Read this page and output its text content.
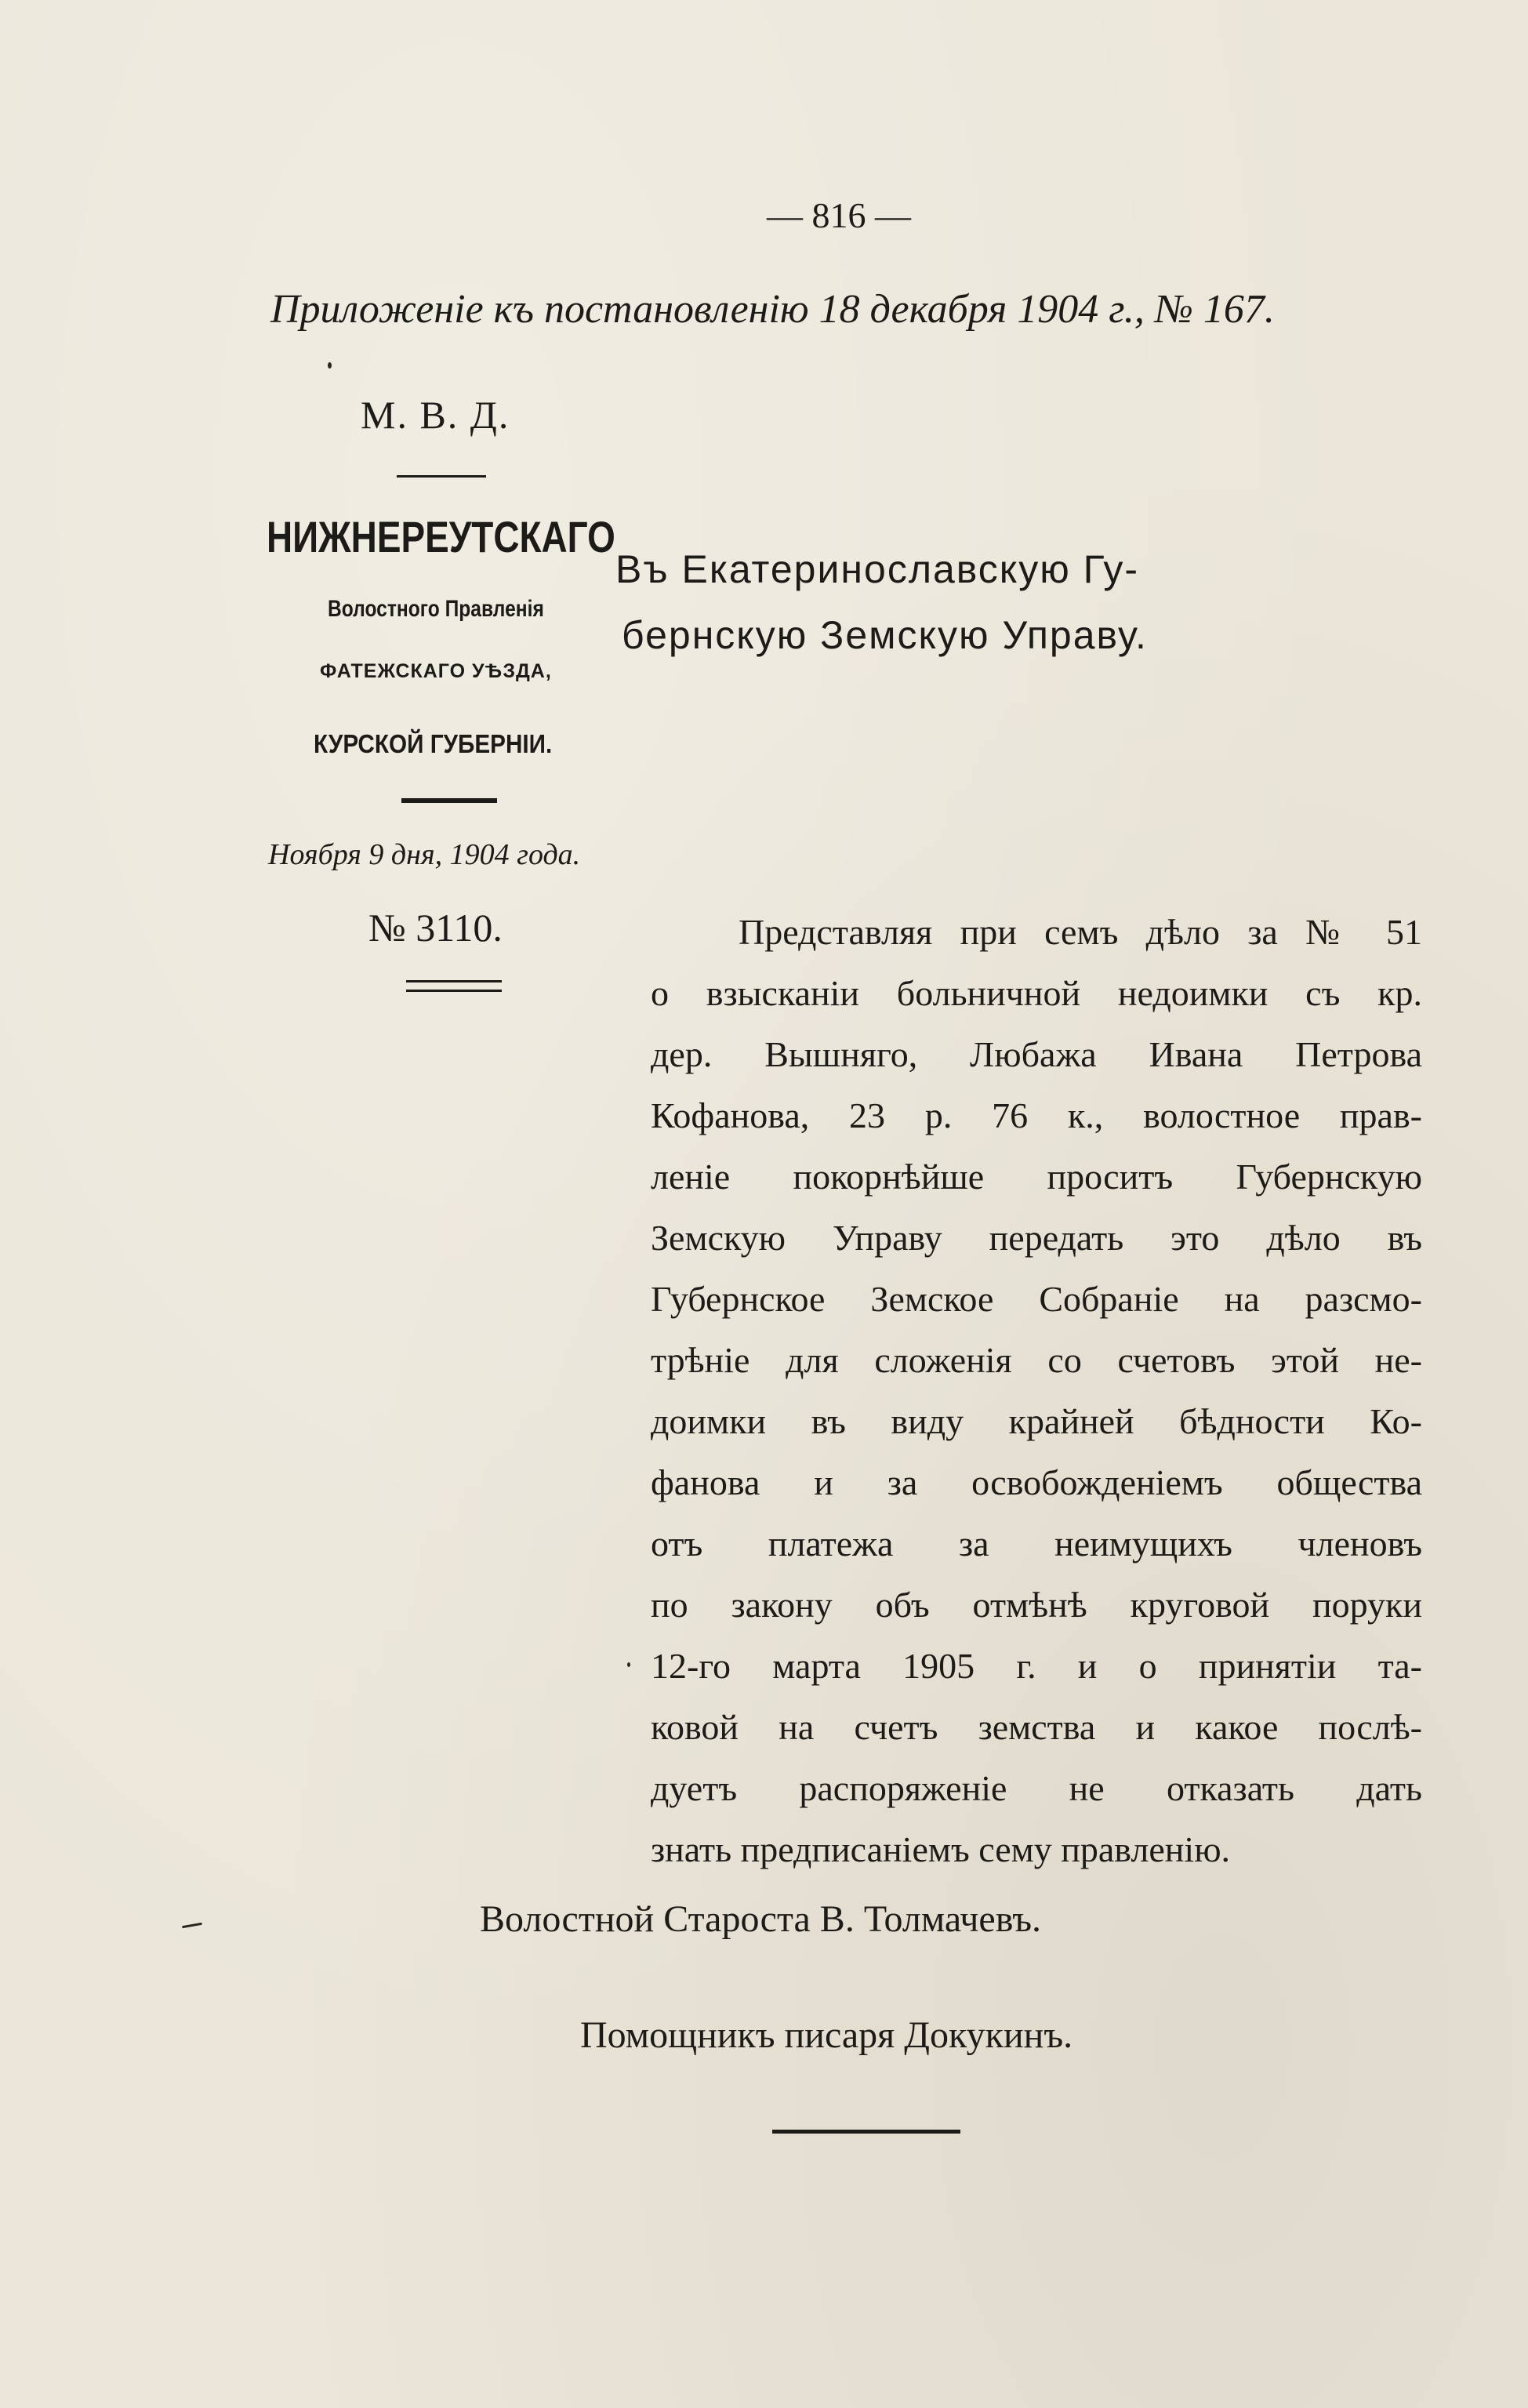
— 816 —
Приложеніе къ постановленію 18 декабря 1904 г., № 167.
М. В. Д.
НИЖНЕРЕУТСКАГО
Волостного Правленія
ФАТЕЖСКАГО УѢЗДА,
КУРСКОЙ ГУБЕРНІИ.
Ноября 9 дня, 1904 года.
№ 3110.
Въ Екатеринославскую Гу-
бернскую Земскую Управу.
Представляя при семъ дѣло за № 51
о взысканіи больничной недоимки съ кр.
дер. Вышняго, Любажа Ивана Петрова
Кофанова, 23 р. 76 к., волостное прав-
леніе покорнѣйше проситъ Губернскую
Земскую Управу передать это дѣло въ
Губернское Земское Собраніе на разсмо-
трѣніе для сложенія со счетовъ этой не-
доимки въ виду крайней бѣдности Ко-
фанова и за освобожденіемъ общества
отъ платежа за неимущихъ членовъ
по закону объ отмѣнѣ круговой поруки
12-го марта 1905 г. и о принятіи та-
ковой на счетъ земства и какое послѣ-
дуетъ распоряженіе не отказать дать
знать предписаніемъ сему правленію.
Волостной Староста В. Толмачевъ.
Помощникъ писаря Докукинъ.
